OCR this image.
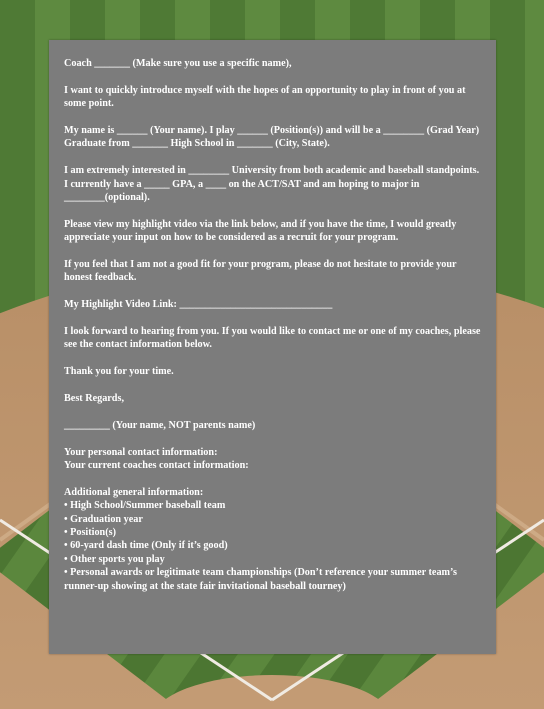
Coach _______ (Make sure you use a specific name),

I want to quickly introduce myself with the hopes of an opportunity to play in front of you at some point.

My name is ______ (Your name). I play ______ (Position(s)) and will be a ________ (Grad Year) Graduate from _______ High School in _______ (City, State).

I am extremely interested in ________ University from both academic and baseball standpoints. I currently have a _____ GPA, a ____ on the ACT/SAT and am hoping to major in ________(optional).

Please view my highlight video via the link below, and if you have the time, I would greatly appreciate your input on how to be considered as a recruit for your program.

If you feel that I am not a good fit for your program, please do not hesitate to provide your honest feedback.

My Highlight Video Link: ______________________________

I look forward to hearing from you. If you would like to contact me or one of my coaches, please see the contact information below.

Thank you for your time.

Best Regards,

_________ (Your name, NOT parents name)

Your personal contact information:
Your current coaches contact information:
Additional general information:
• High School/Summer baseball team
• Graduation year
• Position(s)
• 60-yard dash time (Only if it’s good)
• Other sports you play
• Personal awards or legitimate team championships (Don’t reference your summer team’s runner-up showing at the state fair invitational baseball tourney)
